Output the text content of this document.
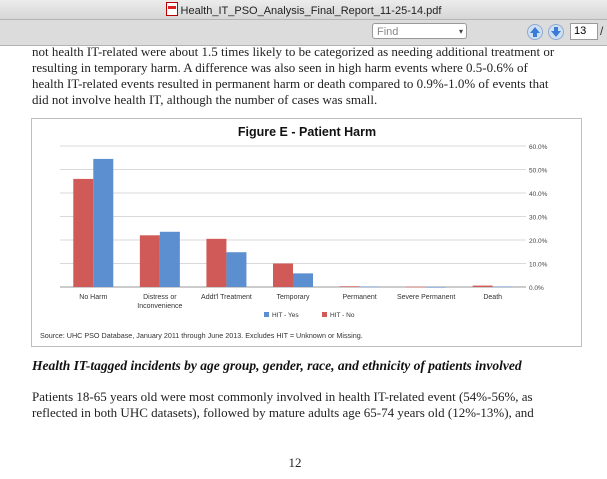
Health_IT_PSO_Analysis_Final_Report_11-25-14.pdf
Find	▾	13	/

not health IT-related were about 1.5 times likely to be categorized as needing additional treatment or
resulting in temporary harm. A difference was also seen in high harm events where 0.5-0.6% of
health IT-related events resulted in permanent harm or death compared to 0.9%-1.0% of events that
did not involve health IT, although the number of cases was small.

Figure E - Patient Harm
0.0%
10.0%
20.0%
30.0%
40.0%
50.0%
60.0%
No Harm	Distress or
Inconvenience
Addt'l Treatment	Temporary	Permanent	Severe Permanent	Death
HIT - Yes	HIT - No
Source: UHC PSO Database, January 2011 through June 2013. Excludes HIT = Unknown or Missing.
Health IT-tagged incidents by age group, gender, race, and ethnicity of patients involved

Patients 18-65 years old were most commonly involved in health IT-related event (54%-56%, as
reflected in both UHC datasets), followed by mature adults age 65-74 years old (12%-13%), and

12
